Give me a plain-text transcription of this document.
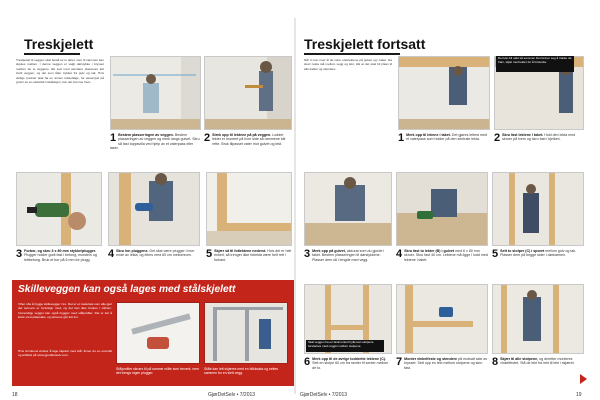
Treskjelett
Treskjelett til veggen skal bestå av to deler, som til sammen kan skjules mellom. I denne veggen er valgt dørstykke i krysset mellom de to veggene. Ett sett med stendere plasseres tett inntil veggen, og det som tåler trykket fra gulv og tak. Hvis viktige punkter skal ha en annen rekkefølge, for eksempel på grunn av en elektrisk installasjon, bør det komme fram.
1 Bestem plasseringen av veggen. Bestem plasseringen av veggen og merk langs gulvet. Skru så fast toppsvilla ved hjelp av et vaterpass eller laser.
2 Strek opp til lektene på på veggen. Loddet lekter er montert på hver side så rammene blir rette. Bruk tilpasset vater mot gulvet og lekt.
3 Forbor, og skru 3 x 80 mm stykke/plugger. Plugger holder godt fast i betong, murstein og lettbetong. Bruk et bor på 6 mm for plugg.	4 Skru inn pluggene. Det skal være plugger i hver ende av lekta, og ellers med 60 cm mellomrom.	5 Skjær så til fotlektene nederst. Hvis det er helt enkelt, så trenger ikke fotlekta være helt rett i forkant.
Skilleveggen kan også lages med stålskjelett
Viher ofte å bygge skillevegger i tre. Det er et materiale som alle gjør det selv-ere er fortrolige med, og det kan ikke brukes i våtrom. Innvendige vegger kan også bygges med stålprofiler. Det er lett å kutte med platesaks, og skruene går lett inn.
Hvis du likevel ønsker å lage skjelett med stål, finner du en oversikt og artikkel på www.gjorddetselv.com.
Stålprofiler skrues til på samme måte som treverk, men det trengs ingen plugger.
Ståle kan lett skjæres med en blikksaks og settes sammen for en slett vegg.
18	GjørDetSelv • 7/2013
Treskjelett fortsatt
Når vi kun nuer til de vann etterlektene på gulvet og i taket. Da skal i lekta stå mellom vegg og lekt, slik at det skal bli plass til alle kabler og stendere.
Det kan bli uøkt så sammen Det lønner seg å trekke de fram, skjøt med lekter for å forsterke.
1 Merk opp til lekene i taket. Det gjøres lettest med et vaterpass som holder på den sentrale lekta.	2 Skru fast lektene i taket. Hold den lekta med skruer på tvers og skru fast i bjelken.
3 Merk opp på gulvet, akkurat som du gjorde i taket. Bestem plasseringen til dørstykkene. Plasser dem så i lengde med vegg.	4 Skru fast to lekter (B) i gulvet med 6 x 80 mm skruer. Skru fast 40 cm. Lektene må ligge i lodd med lektene i taket.	5 Sett to stolper (C) i sporet mellom gulv og tak. Plasser dem på begge sider i dørkarmen.
Skal veggen ha en fastmontert hylle kan stolpene forsterkes med noggin mellom stolpene.
6 Merk opp til de øvrige loddrette lektene (C). Sett en stolpe 60 cm fra senter til senter mellom de to.	7 Monter vinkelfeste og stendere på motsatt side av krysset. Sett opp en lekt mellom stolpene og skru fast.	8 Skjær til alle stolpene, og deretter monteres vinkelfestet. Stå de lekt fra lekt til lekt i skjæret.
GjørDetSelv • 7/2013	19
